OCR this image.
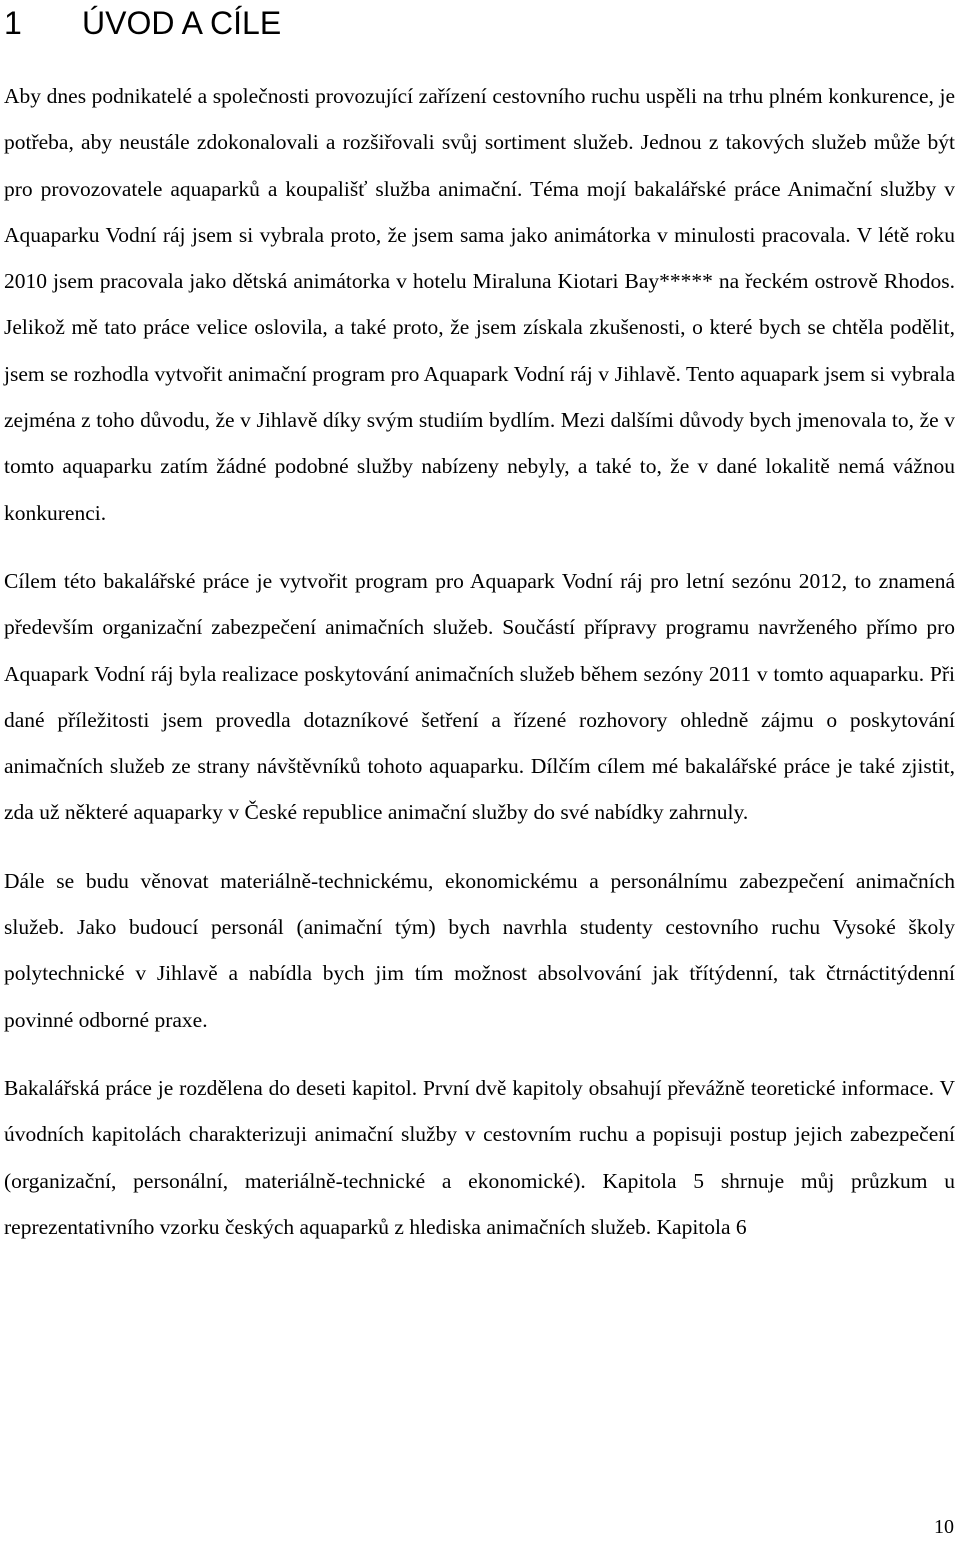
1 ÚVOD A CÍLE

Aby dnes podnikatelé a společnosti provozující zařízení cestovního ruchu uspěli na trhu plném konkurence, je potřeba, aby neustále zdokonalovali a rozšiřovali svůj sortiment služeb. Jednou z takových služeb může být pro provozovatele aquaparků a koupališť služba animační. Téma mojí bakalářské práce Animační služby v Aquaparku Vodní ráj jsem si vybrala proto, že jsem sama jako animátorka v minulosti pracovala. V létě roku 2010 jsem pracovala jako dětská animátorka v hotelu Miraluna Kiotari Bay***** na řeckém ostrově Rhodos. Jelikož mě tato práce velice oslovila, a také proto, že jsem získala zkušenosti, o které bych se chtěla podělit, jsem se rozhodla vytvořit animační program pro Aquapark Vodní ráj v Jihlavě. Tento aquapark jsem si vybrala zejména z toho důvodu, že v Jihlavě díky svým studiím bydlím. Mezi dalšími důvody bych jmenovala to, že v tomto aquaparku zatím žádné podobné služby nabízeny nebyly, a také to, že v dané lokalitě nemá vážnou konkurenci.

Cílem této bakalářské práce je vytvořit program pro Aquapark Vodní ráj pro letní sezónu 2012, to znamená především organizační zabezpečení animačních služeb. Součástí přípravy programu navrženého přímo pro Aquapark Vodní ráj byla realizace poskytování animačních služeb během sezóny 2011 v tomto aquaparku. Při dané příležitosti jsem provedla dotazníkové šetření a řízené rozhovory ohledně zájmu o poskytování animačních služeb ze strany návštěvníků tohoto aquaparku. Dílčím cílem mé bakalářské práce je také zjistit, zda už některé aquaparky v České republice animační služby do své nabídky zahrnuly.

Dále se budu věnovat materiálně-technickému, ekonomickému a personálnímu zabezpečení animačních služeb. Jako budoucí personál (animační tým) bych navrhla studenty cestovního ruchu Vysoké školy polytechnické v Jihlavě a nabídla bych jim tím možnost absolvování jak třítýdenní, tak čtrnáctitýdenní povinné odborné praxe.

Bakalářská práce je rozdělena do deseti kapitol. První dvě kapitoly obsahují převážně teoretické informace. V úvodních kapitolách charakterizuji animační služby v cestovním ruchu a popisuji postup jejich zabezpečení (organizační, personální, materiálně-technické a ekonomické). Kapitola 5 shrnuje můj průzkum u reprezentativního vzorku českých aquaparků z hlediska animačních služeb. Kapitola 6

10
